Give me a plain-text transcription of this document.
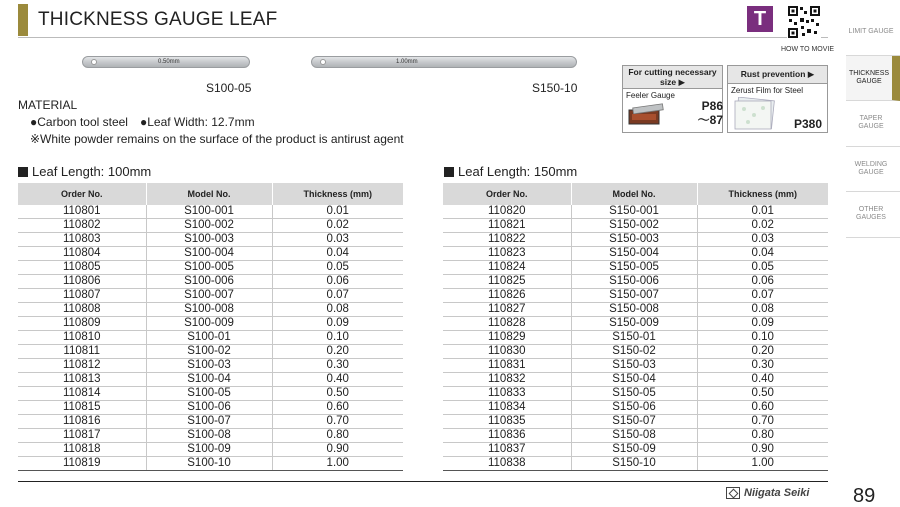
THICKNESS GAUGE LEAF	T
HOW TO MOVIE
0.50mm
S100-05
1.00mm
S150-10
MATERIAL
●Carbon tool steel　●Leaf Width: 12.7mm
※White powder remains on the surface of the product is antirust agent
For cutting necessary size ▶
Feeler Gauge
P86 ～87
Rust prevention ▶
Zerust Film for Steel
P380
Leaf Length: 100mm	Leaf Length: 150mm
Order No.	Model No.	Thickness (mm)
110801	S100-001	0.01
110802	S100-002	0.02
110803	S100-003	0.03
110804	S100-004	0.04
110805	S100-005	0.05
110806	S100-006	0.06
110807	S100-007	0.07
110808	S100-008	0.08
110809	S100-009	0.09
110810	S100-01	0.10
110811	S100-02	0.20
110812	S100-03	0.30
110813	S100-04	0.40
110814	S100-05	0.50
110815	S100-06	0.60
110816	S100-07	0.70
110817	S100-08	0.80
110818	S100-09	0.90
110819	S100-10	1.00
Order No.	Model No.	Thickness (mm)
110820	S150-001	0.01
110821	S150-002	0.02
110822	S150-003	0.03
110823	S150-004	0.04
110824	S150-005	0.05
110825	S150-006	0.06
110826	S150-007	0.07
110827	S150-008	0.08
110828	S150-009	0.09
110829	S150-01	0.10
110830	S150-02	0.20
110831	S150-03	0.30
110832	S150-04	0.40
110833	S150-05	0.50
110834	S150-06	0.60
110835	S150-07	0.70
110836	S150-08	0.80
110837	S150-09	0.90
110838	S150-10	1.00
Niigata Seiki 89
LIMIT GAUGE
THICKNESS GAUGE
TAPER GAUGE
WELDING GAUGE
OTHER GAUGES
